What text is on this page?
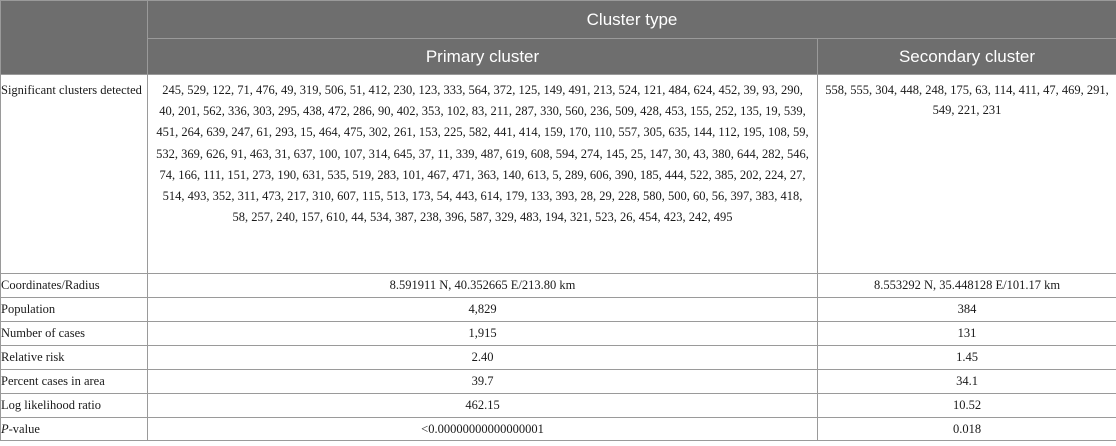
	Cluster type	
	Primary cluster	Secondary cluster
Significant clusters detected	245, 529, 122, 71, 476, 49, 319, 506, 51, 412, 230, 123, 333, 564, 372, 125, 149, 491, 213, 524, 121, 484, 624, 452, 39, 93, 290, 40, 201, 562, 336, 303, 295, 438, 472, 286, 90, 402, 353, 102, 83, 211, 287, 330, 560, 236, 509, 428, 453, 155, 252, 135, 19, 539, 451, 264, 639, 247, 61, 293, 15, 464, 475, 302, 261, 153, 225, 582, 441, 414, 159, 170, 110, 557, 305, 635, 144, 112, 195, 108, 59, 532, 369, 626, 91, 463, 31, 637, 100, 107, 314, 645, 37, 11, 339, 487, 619, 608, 594, 274, 145, 25, 147, 30, 43, 380, 644, 282, 546, 74, 166, 111, 151, 273, 190, 631, 535, 519, 283, 101, 467, 471, 363, 140, 613, 5, 289, 606, 390, 185, 444, 522, 385, 202, 224, 27, 514, 493, 352, 311, 473, 217, 310, 607, 115, 513, 173, 54, 443, 614, 179, 133, 393, 28, 29, 228, 580, 500, 60, 56, 397, 383, 418, 58, 257, 240, 157, 610, 44, 534, 387, 238, 396, 587, 329, 483, 194, 321, 523, 26, 454, 423, 242, 495	558, 555, 304, 448, 248, 175, 63, 114, 411, 47, 469, 291, 549, 221, 231
Coordinates/Radius	8.591911 N, 40.352665 E/213.80 km	8.553292 N, 35.448128 E/101.17 km
Population	4,829	384
Number of cases	1,915	131
Relative risk	2.40	1.45
Percent cases in area	39.7	34.1
Log likelihood ratio	462.15	10.52
P-value	<0.00000000000000001	0.018
